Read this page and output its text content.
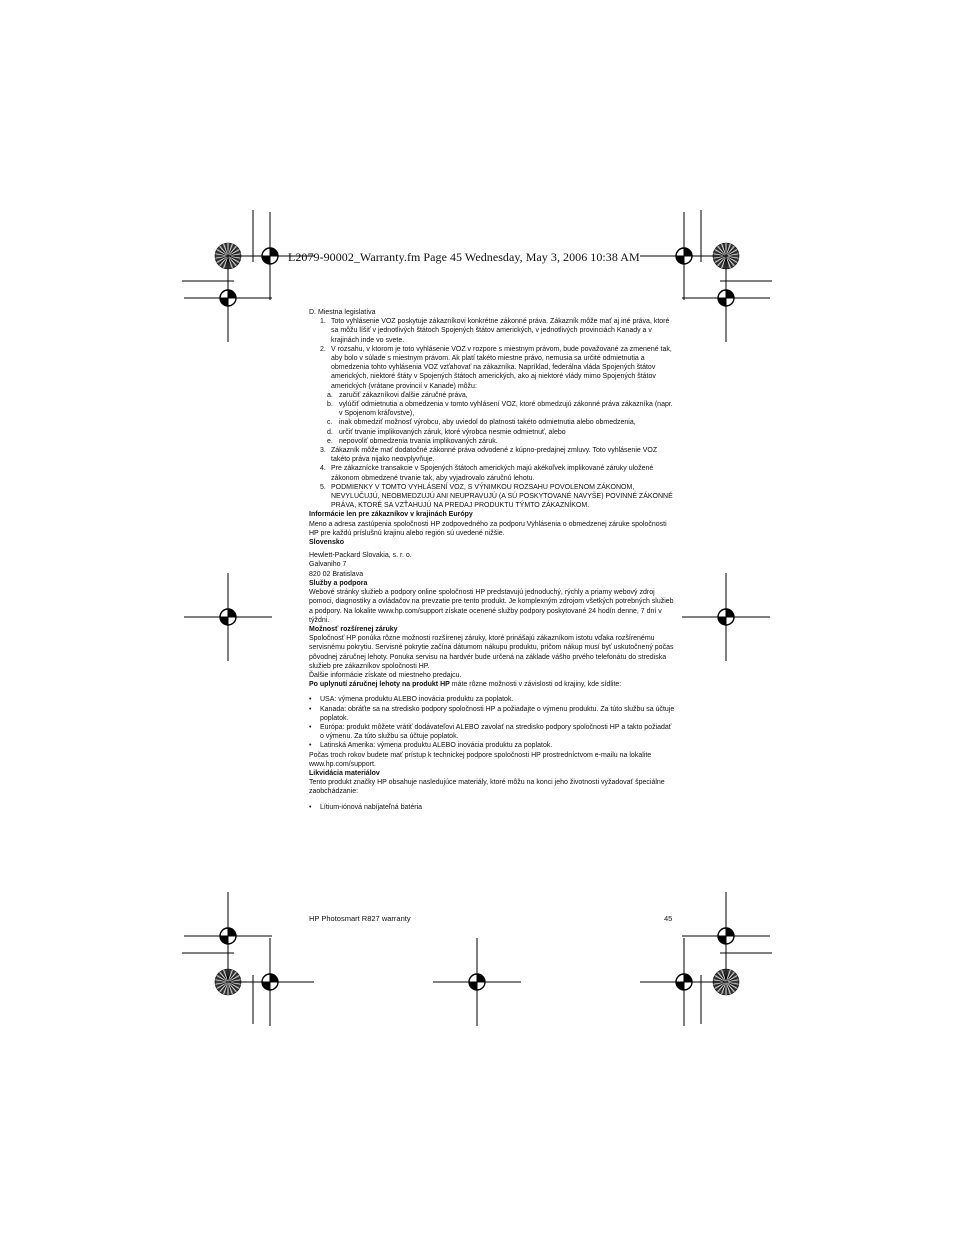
L2079-90002_Warranty.fm Page 45 Wednesday, May 3, 2006 10:38 AM

D. Miestna legislatíva

1. Toto vyhlásenie VOZ poskytuje zákazníkovi konkrétne zákonné práva. Zákazník môže mať aj iné práva, ktoré sa môžu líšiť v jednotlivých štátoch Spojených štátov amerických, v jednotlivých provinciách Kanady a v krajinách inde vo svete.
2. V rozsahu, v ktorom je toto vyhlásenie VOZ v rozpore s miestnym právom, bude považované za zmenené tak, aby bolo v súlade s miestnym právom. Ak platí takéto miestne právo, nemusia sa určité odmietnutia a obmedzenia tohto vyhlásenia VOZ vzťahovať na zákazníka. Napríklad, federálna vláda Spojených štátov amerických, niektoré štáty v Spojených štátoch amerických, ako aj niektoré vlády mimo Spojených štátov amerických (vrátane provincií v Kanade) môžu:
a. zaručiť zákazníkovi ďalšie záručné práva,
b. vylúčiť odmietnutia a obmedzenia v tomto vyhlásení VOZ, ktoré obmedzujú zákonné práva zákazníka (napr. v Spojenom kráľovstve),
c. inak obmedziť možnosť výrobcu, aby uviedol do platnosti takéto odmietnutia alebo obmedzenia,
d. určiť trvanie implikovaných záruk, ktoré výrobca nesmie odmietnuť, alebo
e. nepovoliť obmedzenia trvania implikovaných záruk.
3. Zákazník môže mať dodatočné zákonné práva odvodené z kúpno-predajnej zmluvy. Toto vyhlásenie VOZ takéto práva nijako neovplyvňuje.
4. Pre zákaznícke transakcie v Spojených štátoch amerických majú akékoľvek implikované záruky uložené zákonom obmedzené trvanie tak, aby vyjadrovalo záručnú lehotu.
5. PODMIENKY V TOMTO VYHLÁSENÍ VOZ, S VÝNIMKOU ROZSAHU POVOLENOM ZÁKONOM, NEVYLUČUJÚ, NEOBMEDZUJÚ ANI NEUPRAVUJÚ (A SÚ POSKYTOVANÉ NAVYŠE) POVINNÉ ZÁKONNÉ PRÁVA, KTORÉ SA VZŤAHUJÚ NA PREDAJ PRODUKTU TÝMTO ZÁKAZNÍKOM.

Informácie len pre zákazníkov v krajinách Európy

Meno a adresa zastúpenia spoločnosti HP zodpovedného za podporu Vyhlásenia o obmedzenej záruke spoločnosti HP pre každú príslušnú krajinu alebo región sú uvedené nižšie.

Slovensko

Hewlett-Packard Slovakia, s. r. o.

Galvaniho 7

820 02 Bratislava

Služby a podpora

Webové stránky služieb a podpory online spoločnosti HP predstavujú jednoduchý, rýchly a priamy webový zdroj pomoci, diagnostiky a ovládačov na prevzatie pre tento produkt. Je komplexným zdrojom všetkých potrebných služieb a podpory. Na lokalite www.hp.com/support získate ocenené služby podpory poskytované 24 hodín denne, 7 dní v týždni.

Možnosť rozšírenej záruky

Spoločnosť HP ponúka rôzne možnosti rozšírenej záruky, ktoré prinášajú zákazníkom istotu vďaka rozšírenému servisnému pokrytiu. Servisné pokrytie začína dátumom nákupu produktu, pričom nákup musí byť uskutočnený počas pôvodnej záručnej lehoty. Ponuka servisu na hardvér bude určená na základe vášho prvého telefonátu do strediska služieb pre zákazníkov spoločnosti HP.

Ďalšie informácie získate od miestneho predajcu.

Po uplynutí záručnej lehoty na produkt HP máte rôzne možnosti v závislosti od krajiny, kde sídlite:

•	USA: výmena produktu ALEBO inovácia produktu za poplatok.
•	Kanada: obráťte sa na stredisko podpory spoločnosti HP a požiadajte o výmenu produktu. Za túto službu sa účtuje poplatok.
•	Európa: produkt môžete vrátiť dodávateľovi ALEBO zavolať na stredisko podpory spoločnosti HP a takto požiadať o výmenu. Za túto službu sa účtuje poplatok.
•	Latinská Amerika: výmena produktu ALEBO inovácia produktu za poplatok.

Počas troch rokov budete mať prístup k technickej podpore spoločnosti HP prostredníctvom e-mailu na lokalite www.hp.com/support.

Likvidácia materiálov

Tento produkt značky HP obsahuje nasledujúce materiály, ktoré môžu na konci jeho životnosti vyžadovať špeciálne zaobchádzanie:

•	Lítium-iónová nabíjateľná batéria
HP Photosmart R827 warranty	45
